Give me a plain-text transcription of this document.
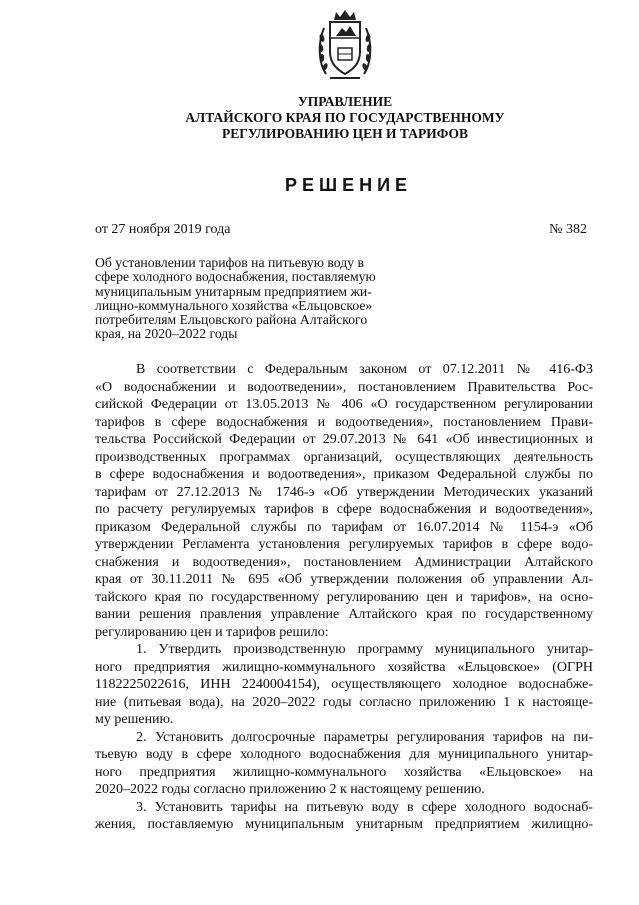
УПРАВЛЕНИЕ
АЛТАЙСКОГО КРАЯ ПО ГОСУДАРСТВЕННОМУ
РЕГУЛИРОВАНИЮ ЦЕН И ТАРИФОВ
РЕШЕНИЕ
от 27 ноября 2019 года	№ 382
Об установлении тарифов на питьевую воду в
сфере холодного водоснабжения, поставляемую
муниципальным унитарным предприятием жи-
лищно-коммунального хозяйства «Ельцовское»
потребителям Ельцовского района Алтайского
края, на 2020–2022 годы
В соответствии с Федеральным законом от 07.12.2011 № 416-ФЗ
«О водоснабжении и водоотведении», постановлением Правительства Рос-
сийской Федерации от 13.05.2013 № 406 «О государственном регулировании
тарифов в сфере водоснабжения и водоотведения», постановлением Прави-
тельства Российской Федерации от 29.07.2013 № 641 «Об инвестиционных и
производственных программах организаций, осуществляющих деятельность
в сфере водоснабжения и водоотведения», приказом Федеральной службы по
тарифам от 27.12.2013 № 1746-э «Об утверждении Методических указаний
по расчету регулируемых тарифов в сфере водоснабжения и водоотведения»,
приказом Федеральной службы по тарифам от 16.07.2014 № 1154-э «Об
утверждении Регламента установления регулируемых тарифов в сфере водо-
снабжения и водоотведения», постановлением Администрации Алтайского
края от 30.11.2011 № 695 «Об утверждении положения об управлении Ал-
тайского края по государственному регулированию цен и тарифов», на осно-
вании решения правления управление Алтайского края по государственному
регулированию цен и тарифов решило:
1. Утвердить производственную программу муниципального унитар-
ного предприятия жилищно-коммунального хозяйства «Ельцовское» (ОГРН
1182225022616, ИНН 2240004154), осуществляющего холодное водоснабже-
ние (питьевая вода), на 2020–2022 годы согласно приложению 1 к настояще-
му решению.
2. Установить долгосрочные параметры регулирования тарифов на пи-
тьевую воду в сфере холодного водоснабжения для муниципального унитар-
ного предприятия жилищно-коммунального хозяйства «Ельцовское» на
2020–2022 годы согласно приложению 2 к настоящему решению.
3. Установить тарифы на питьевую воду в сфере холодного водоснаб-
жения, поставляемую муниципальным унитарным предприятием жилищно-
